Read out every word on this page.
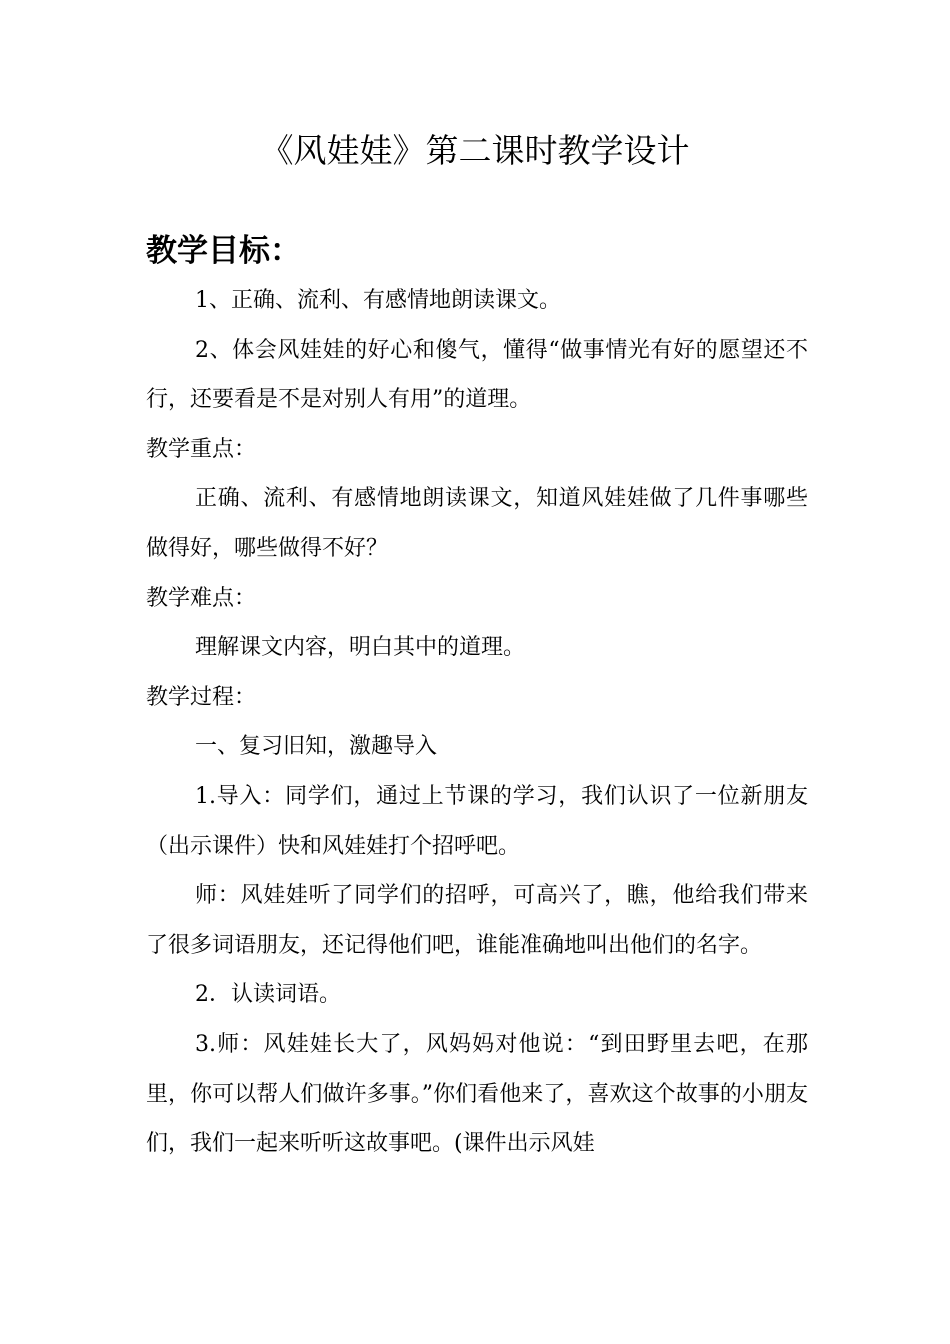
《风娃娃》第二课时教学设计
教学目标：

1、正确、流利、有感情地朗读课文。

2、体会风娃娃的好心和傻气，懂得“做事情光有好的愿望还不行，还要看是不是对别人有用”的道理。

教学重点：

正确、流利、有感情地朗读课文，知道风娃娃做了几件事哪些做得好，哪些做得不好？

教学难点：

理解课文内容，明白其中的道理。

教学过程：

一、复习旧知，激趣导入

1.导入：同学们，通过上节课的学习，我们认识了一位新朋友（出示课件）快和风娃娃打个招呼吧。

师：风娃娃听了同学们的招呼，可高兴了，瞧，他给我们带来了很多词语朋友，还记得他们吧，谁能准确地叫出他们的名字。

2．认读词语。

3.师：风娃娃长大了，风妈妈对他说：“到田野里去吧，在那里，你可以帮人们做许多事。”你们看他来了，喜欢这个故事的小朋友们，我们一起来听听这故事吧。(课件出示风娃
